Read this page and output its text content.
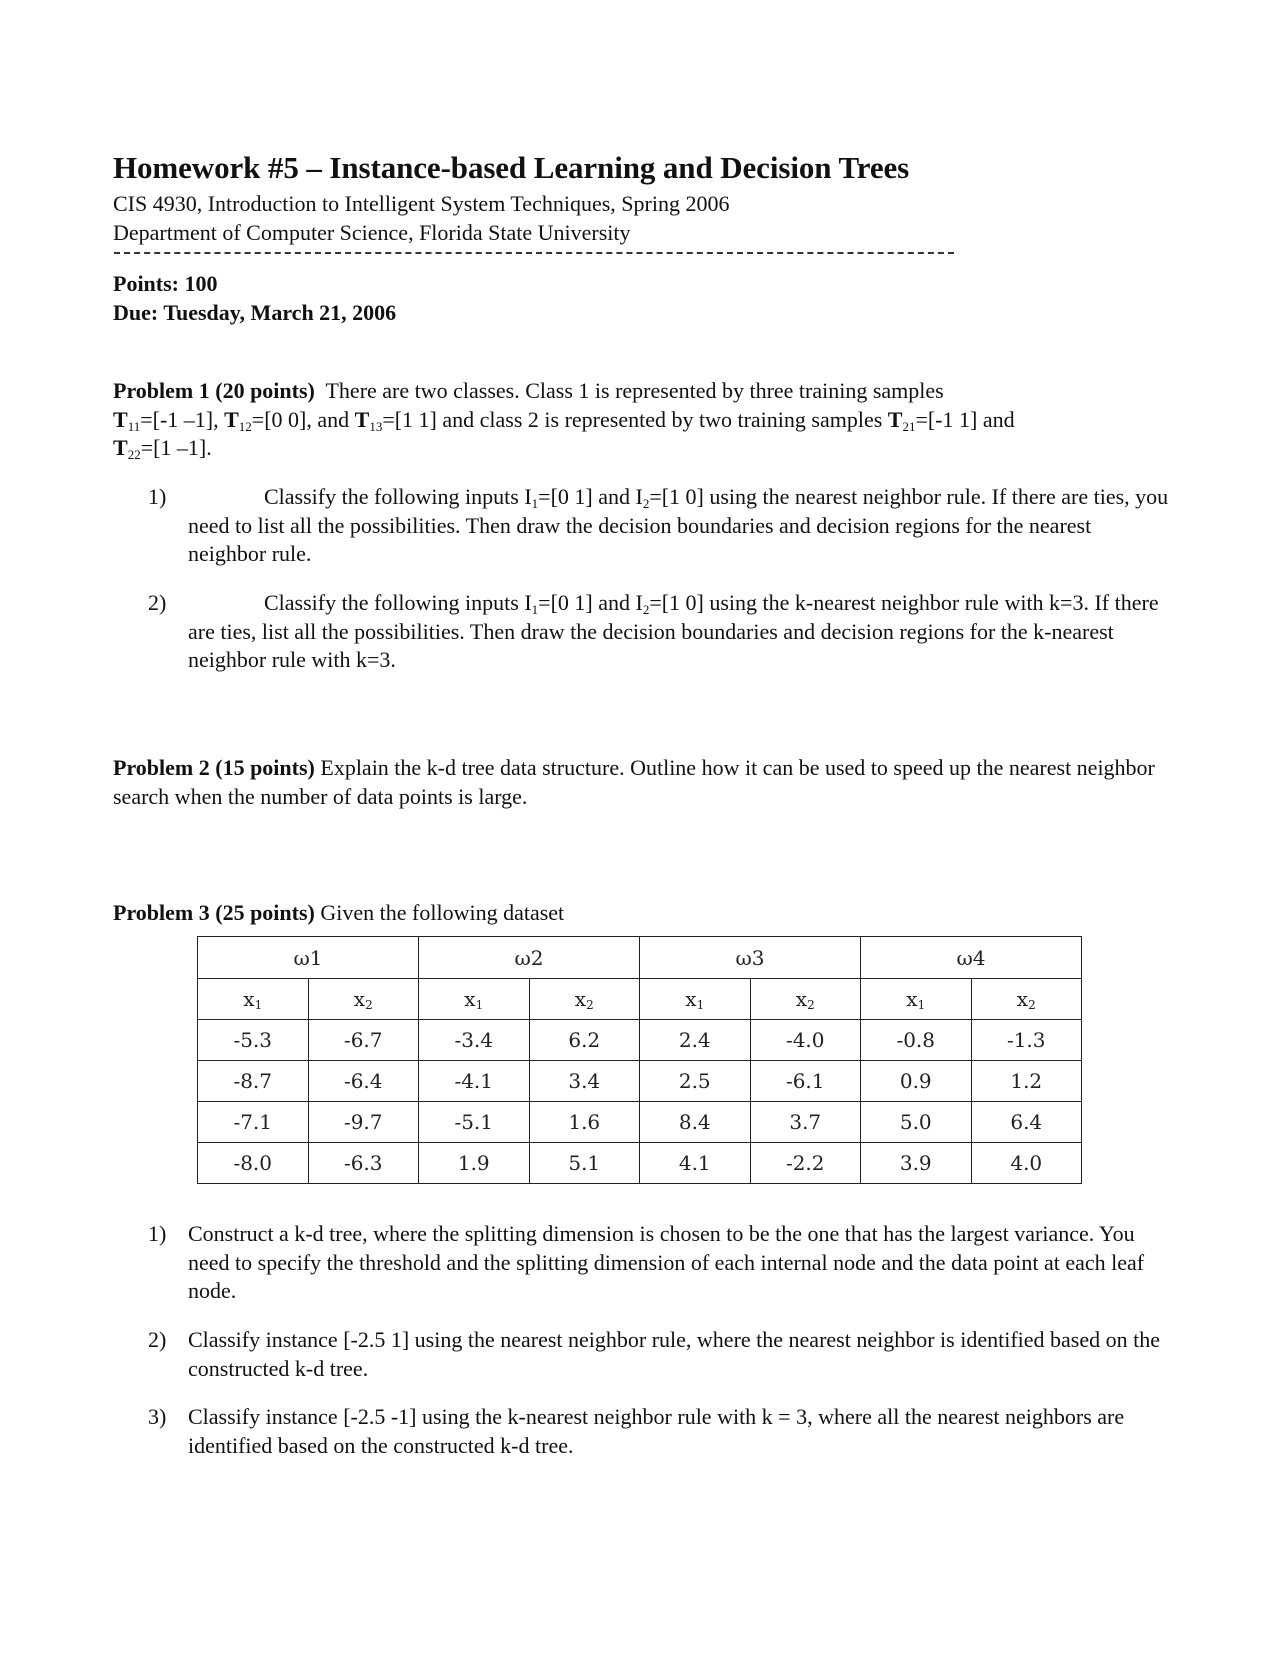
Homework #5 – Instance-based Learning and Decision Trees
CIS 4930, Introduction to Intelligent System Techniques, Spring 2006
Department of Computer Science, Florida State University
Points: 100
Due: Tuesday, March 21, 2006
Problem 1 (20 points) There are two classes. Class 1 is represented by three training samples
$T_{11}=[-1$ –1], $T_{12}=[0$ 0], and $T_{13}=[1$ 1] and class 2 is represented by two training samples $T_{21}=[-1$ 1] and
$T_{22}=[1$ –1].
1)	Classify the following inputs $I_1=[0$ 1] and $I_2=[1$ 0] using the nearest neighbor rule. If there are ties, you need to list all the possibilities. Then draw the decision boundaries and decision regions for the nearest neighbor rule.
2)	Classify the following inputs $I_1=[0$ 1] and $I_2=[1$ 0] using the k-nearest neighbor rule with k=3. If there are ties, list all the possibilities. Then draw the decision boundaries and decision regions for the k-nearest neighbor rule with k=3.
Problem 2 (15 points) Explain the k-d tree data structure. Outline how it can be used to speed up the nearest neighbor search when the number of data points is large.
Problem 3 (25 points) Given the following dataset
ω1		ω2		ω3		ω4	
$x_1$	$x_2$	$x_1$	$x_2$	$x_1$	$x_2$	$x_1$	$x_2$
-5.3	-6.7	-3.4	6.2	2.4	-4.0	-0.8	-1.3
-8.7	-6.4	-4.1	3.4	2.5	-6.1	0.9	1.2
-7.1	-9.7	-5.1	1.6	8.4	3.7	5.0	6.4
-8.0	-6.3	1.9	5.1	4.1	-2.2	3.9	4.0
1) Construct a k-d tree, where the splitting dimension is chosen to be the one that has the largest variance. You need to specify the threshold and the splitting dimension of each internal node and the data point at each leaf node.
2) Classify instance [-2.5 1] using the nearest neighbor rule, where the nearest neighbor is identified based on the constructed k-d tree.
3) Classify instance [-2.5 -1] using the k-nearest neighbor rule with k = 3, where all the nearest neighbors are identified based on the constructed k-d tree.
